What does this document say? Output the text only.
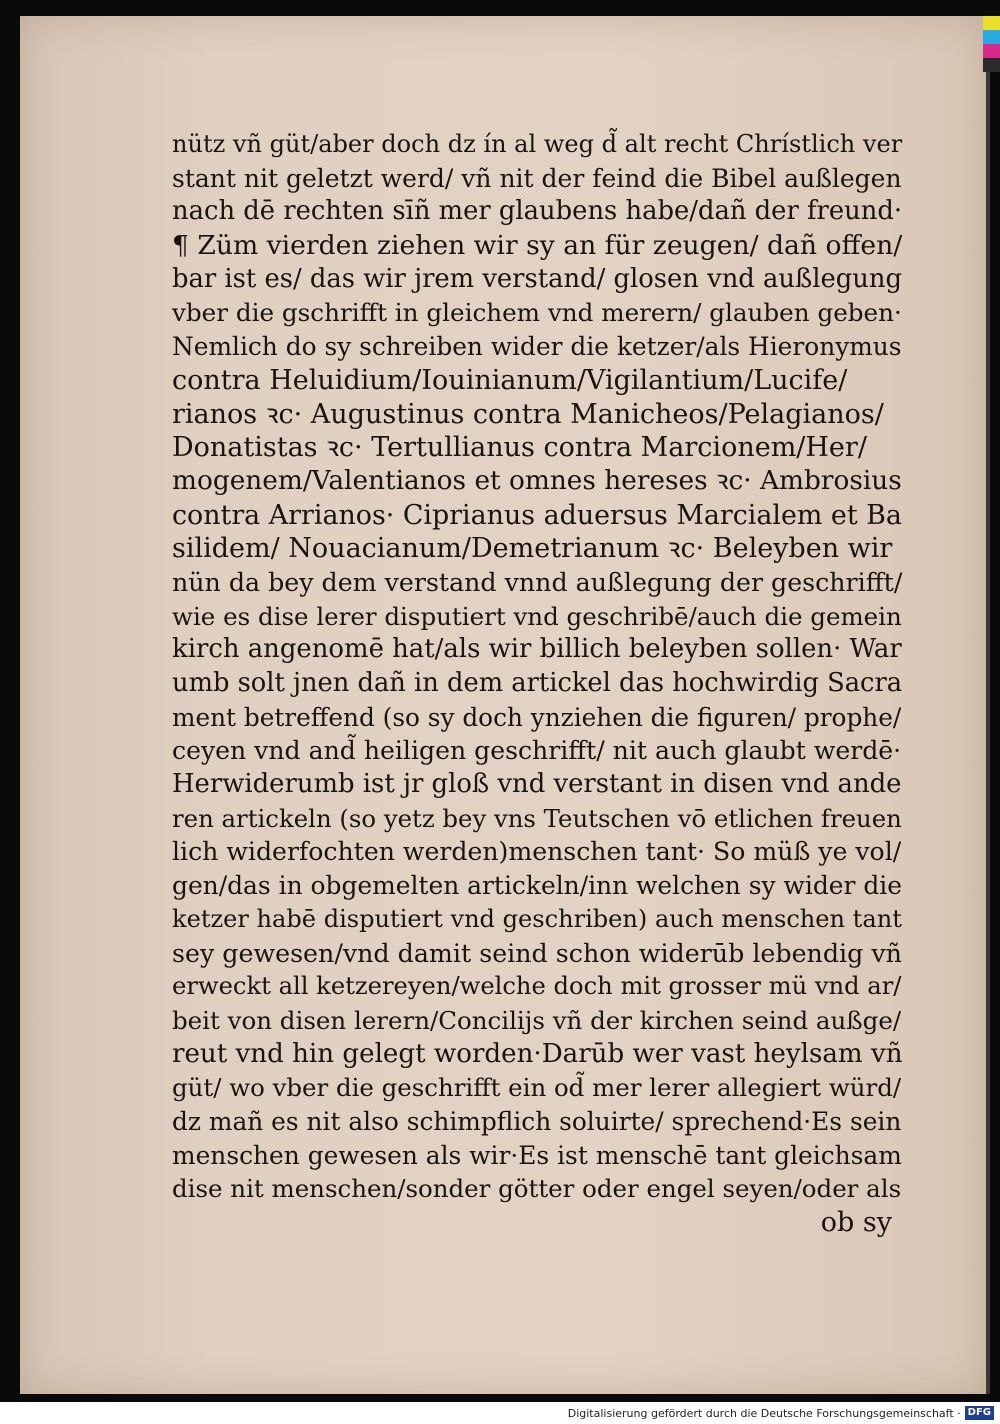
nütz vñ güt/aber doch dz ín al weg d̃ alt recht Chrístlich ver
stant nit geletzt werd/ vñ nit der feind die Bibel außlegen
nach dē rechten sīñ mer glaubens habe/dañ der freund·
¶ Züm vierden ziehen wir sy an für zeugen/ dañ offen/
bar ist es/ das wir jrem verstand/ glosen vnd außlegung
vber die gschrifft in gleichem vnd merern/ glauben geben·
Nemlich do sy schreiben wider die ketzer/als Hieronymus
contra Heluidium/Iouinianum/Vigilantium/Lucife/
rianos ꝛc· Augustinus contra Manicheos/Pelagianos/
Donatistas ꝛc· Tertullianus contra Marcionem/Her/
mogenem/Valentianos et omnes hereses ꝛc· Ambrosius
contra Arrianos· Ciprianus aduersus Marcialem et Ba
silidem/ Nouacianum/Demetrianum ꝛc· Beleyben wir
nün da bey dem verstand vnnd außlegung der geschrifft/
wie es dise lerer disputiert vnd geschribē/auch die gemein
kirch angenomē hat/als wir billich beleyben sollen· War
umb solt jnen dañ in dem artickel das hochwirdig Sacra
ment betreffend (so sy doch ynziehen die figuren/ prophe/
ceyen vnd and̃ heiligen geschrifft/ nit auch glaubt werdē·
Herwiderumb ist jr gloß vnd verstant in disen vnd ande
ren artickeln (so yetz bey vns Teutschen vō etlichen freuen
lich widerfochten werden)menschen tant· So müß ye vol/
gen/das in obgemelten artickeln/inn welchen sy wider die
ketzer habē disputiert vnd geschriben) auch menschen tant
sey gewesen/vnd damit seind schon widerūb lebendig vñ
erweckt all ketzereyen/welche doch mit grosser mü vnd ar/
beit von disen lerern/Concilijs vñ der kirchen seind außge/
reut vnd hin gelegt worden·Darūb wer vast heylsam vñ
güt/ wo vber die geschrifft ein od̃ mer lerer allegiert würd/
dz mañ es nit also schimpflich soluirte/ sprechend·Es sein
menschen gewesen als wir·Es ist menschē tant gleichsam
dise nit menschen/sonder götter oder engel seyen/oder als
ob sy
Digitalisierung gefördert durch die Deutsche Forschungsgemeinschaft · DFG
